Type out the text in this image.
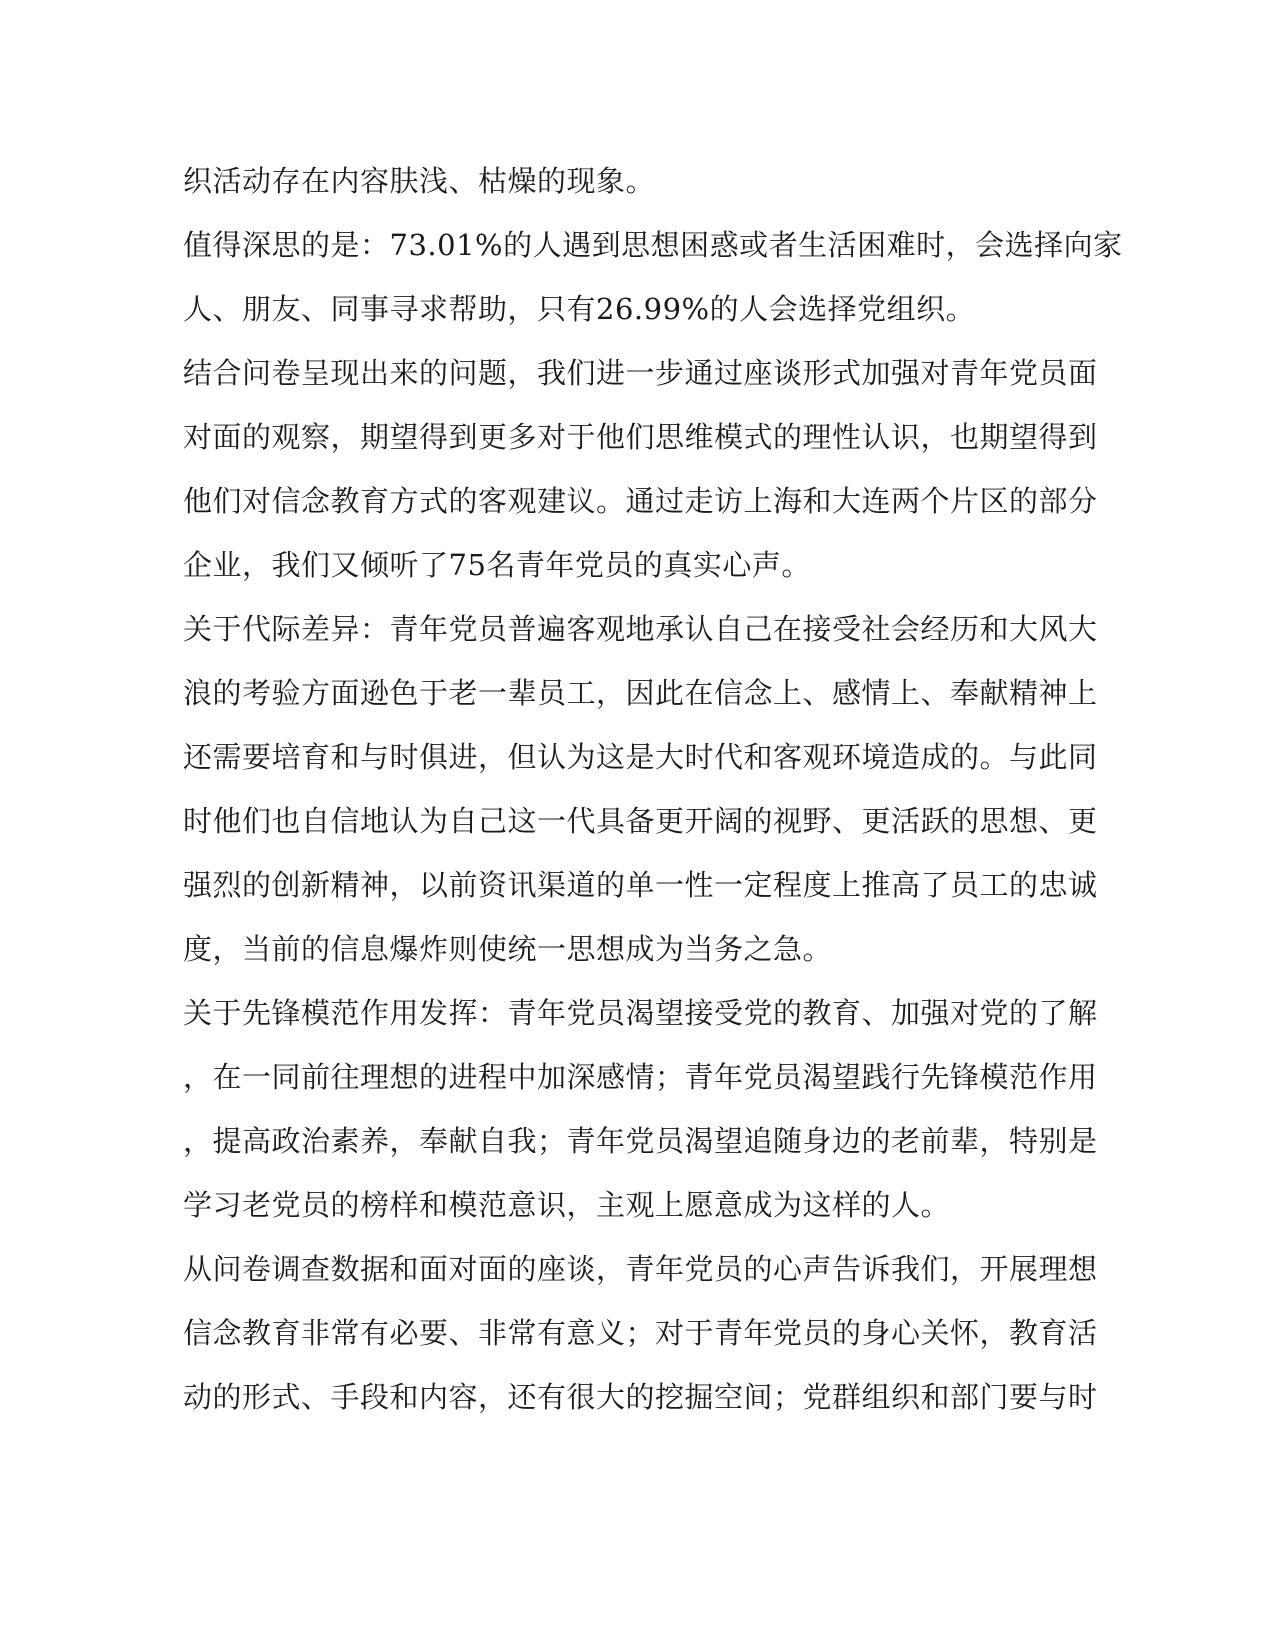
织活动存在内容肤浅、枯燥的现象。

值得深思的是：73.01%的人遇到思想困惑或者生活困难时，会选择向家

人、朋友、同事寻求帮助，只有26.99%的人会选择党组织。

结合问卷呈现出来的问题，我们进一步通过座谈形式加强对青年党员面

对面的观察，期望得到更多对于他们思维模式的理性认识，也期望得到

他们对信念教育方式的客观建议。通过走访上海和大连两个片区的部分

企业，我们又倾听了75名青年党员的真实心声。

关于代际差异：青年党员普遍客观地承认自己在接受社会经历和大风大

浪的考验方面逊色于老一辈员工，因此在信念上、感情上、奉献精神上

还需要培育和与时俱进，但认为这是大时代和客观环境造成的。与此同

时他们也自信地认为自己这一代具备更开阔的视野、更活跃的思想、更

强烈的创新精神，以前资讯渠道的单一性一定程度上推高了员工的忠诚

度，当前的信息爆炸则使统一思想成为当务之急。

关于先锋模范作用发挥：青年党员渴望接受党的教育、加强对党的了解

，在一同前往理想的进程中加深感情；青年党员渴望践行先锋模范作用

，提高政治素养，奉献自我；青年党员渴望追随身边的老前辈，特别是

学习老党员的榜样和模范意识，主观上愿意成为这样的人。

从问卷调查数据和面对面的座谈，青年党员的心声告诉我们，开展理想

信念教育非常有必要、非常有意义；对于青年党员的身心关怀，教育活

动的形式、手段和内容，还有很大的挖掘空间；党群组织和部门要与时
